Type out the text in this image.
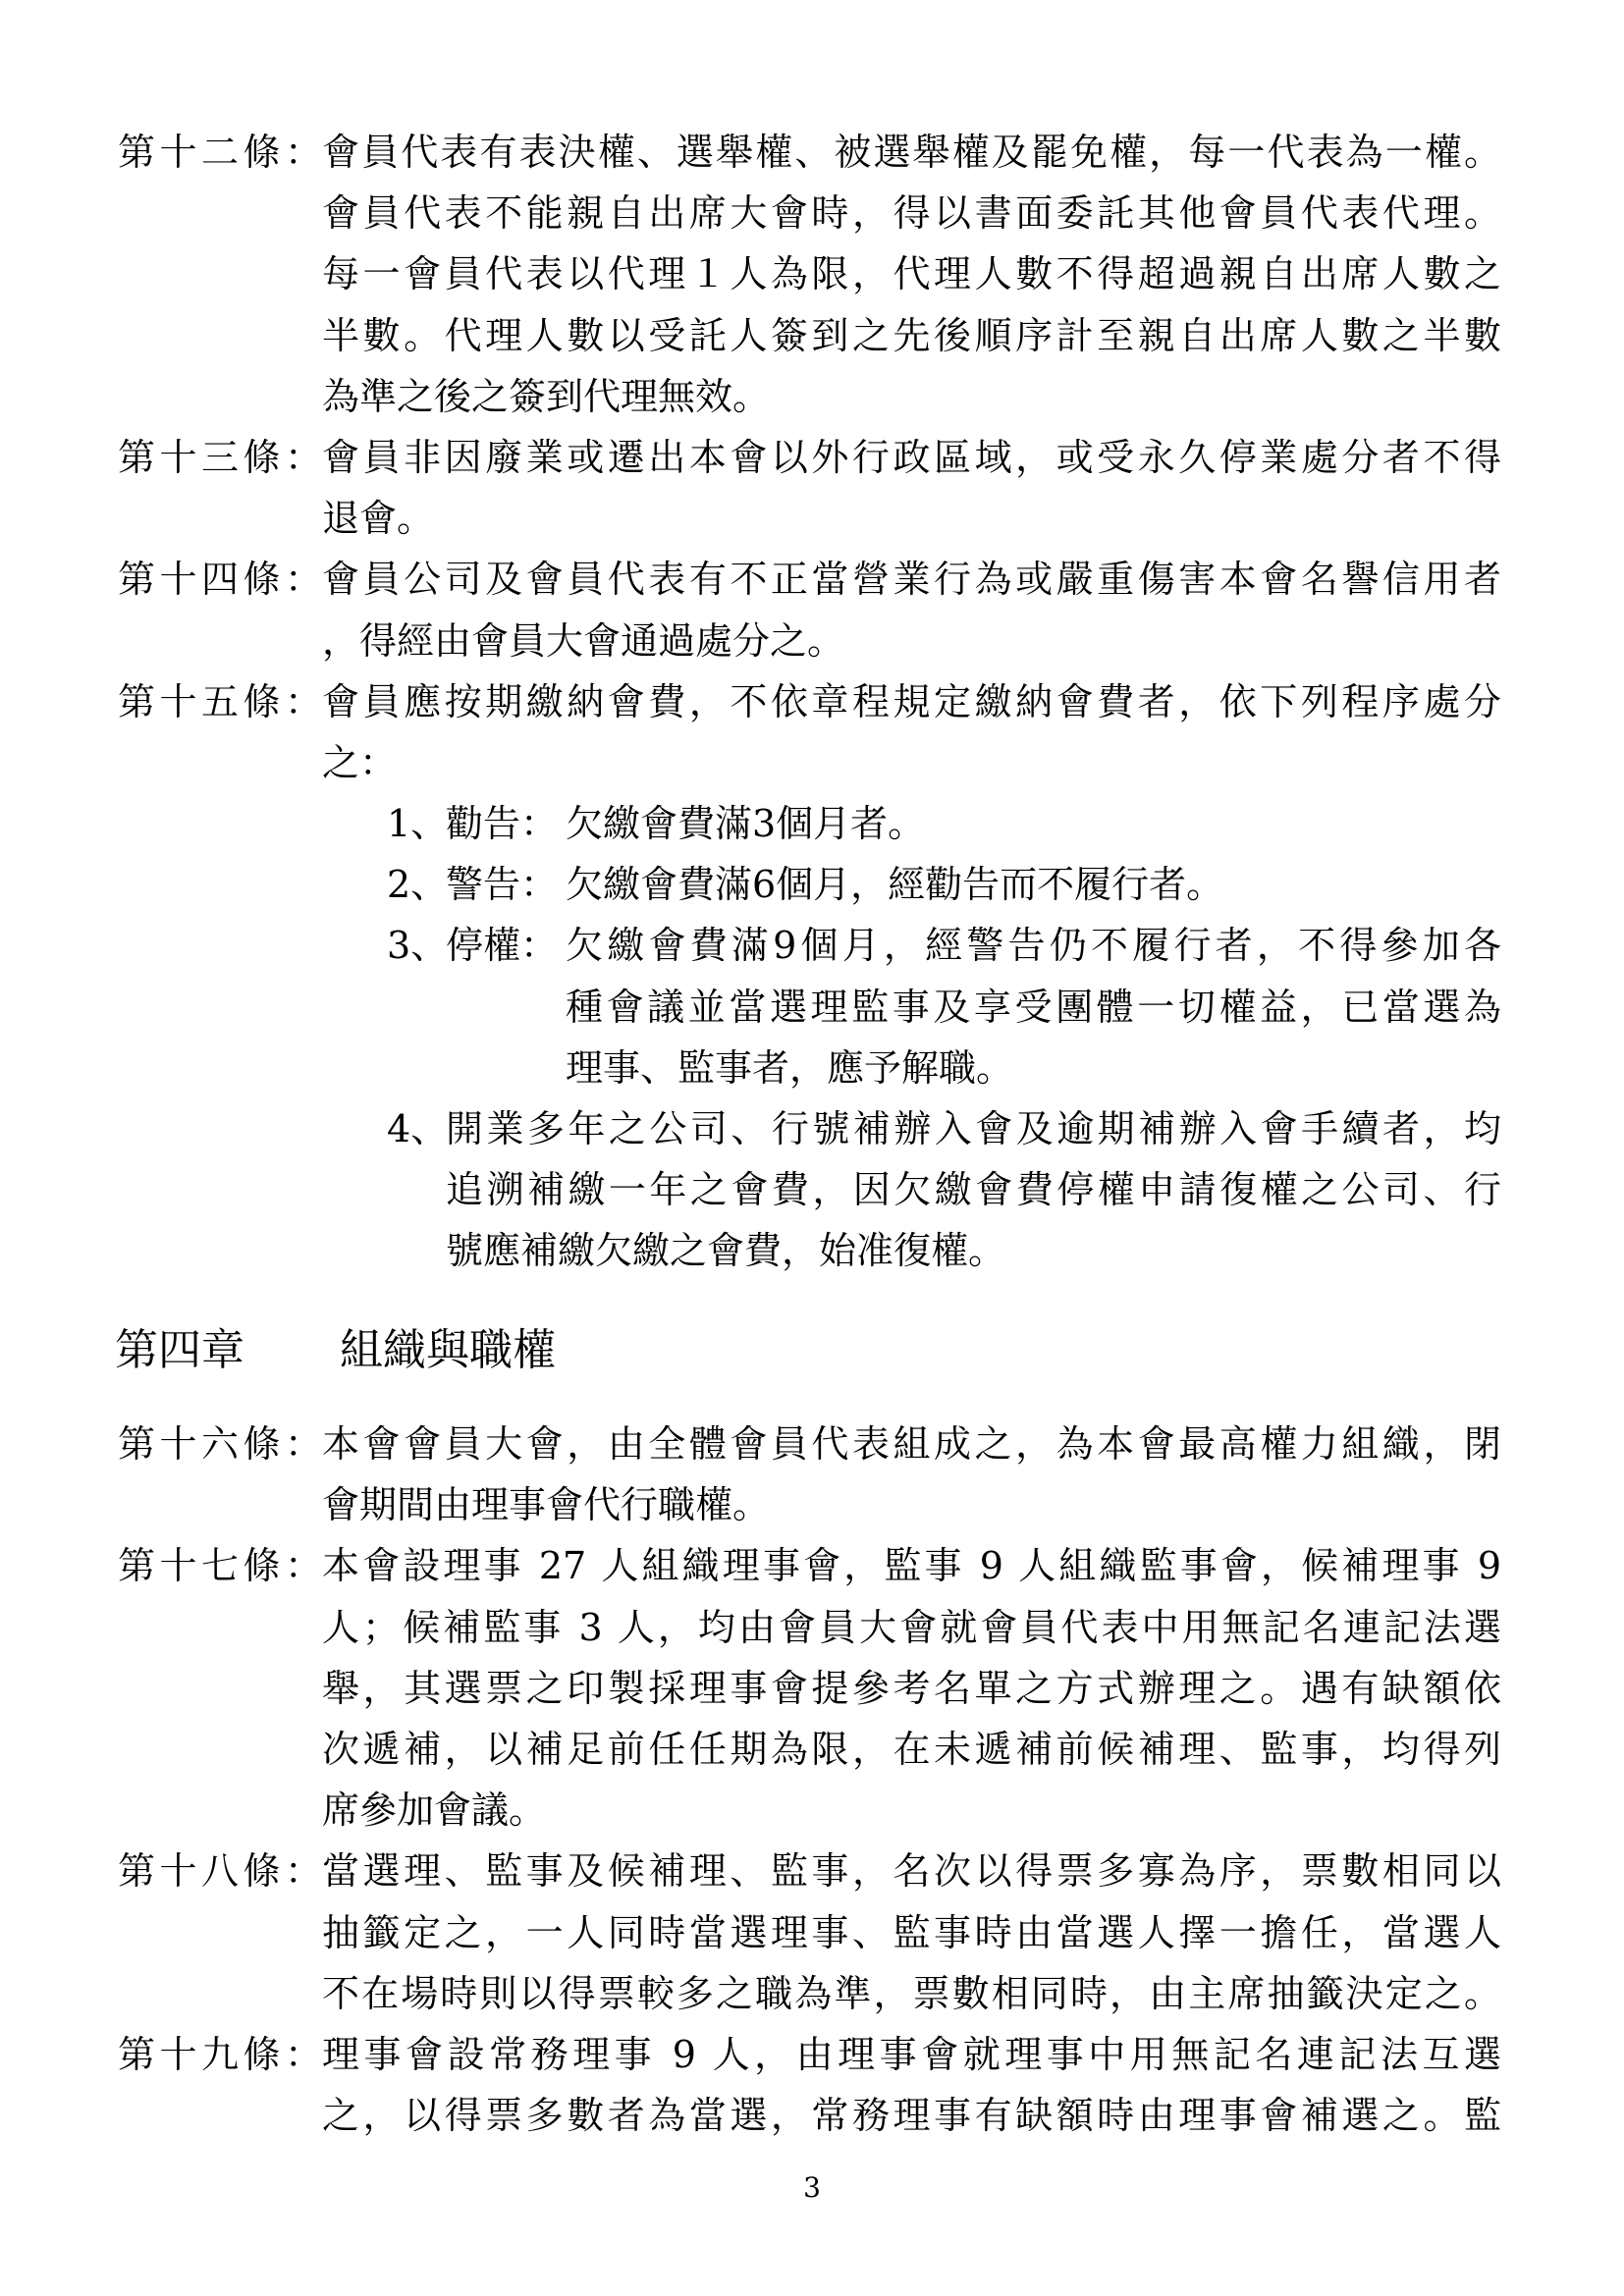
第十二條： 會員代表有表決權、選舉權、被選舉權及罷免權，每一代表為一權。
會員代表不能親自出席大會時，得以書面委託其他會員代表代理。
每一會員代表以代理１人為限，代理人數不得超過親自出席人數之
半數。代理人數以受託人簽到之先後順序計至親自出席人數之半數
為準之後之簽到代理無效。
第十三條： 會員非因廢業或遷出本會以外行政區域，或受永久停業處分者不得
退會。
第十四條： 會員公司及會員代表有不正當營業行為或嚴重傷害本會名譽信用者
，得經由會員大會通過處分之。
第十五條： 會員應按期繳納會費，不依章程規定繳納會費者，依下列程序處分
之：
1、
勸告： 欠繳會費滿3個月者。
2、
警告： 欠繳會費滿6個月，經勸告而不履行者。
3、
停權： 欠繳會費滿9個月，經警告仍不履行者，不得參加各
種會議並當選理監事及享受團體一切權益，已當選為
理事、監事者，應予解職。
4、
開業多年之公司、行號補辦入會及逾期補辦入會手續者，均
追溯補繳一年之會費，因欠繳會費停權申請復權之公司、行
號應補繳欠繳之會費，始准復權。
第四章 組織與職權
第十六條： 本會會員大會，由全體會員代表組成之，為本會最高權力組織，閉
會期間由理事會代行職權。
第十七條： 本會設理事 27 人組織理事會，監事 9 人組織監事會，候補理事 9
人；候補監事 3 人，均由會員大會就會員代表中用無記名連記法選
舉，其選票之印製採理事會提參考名單之方式辦理之。遇有缺額依
次遞補，以補足前任任期為限，在未遞補前候補理、監事，均得列
席參加會議。
第十八條： 當選理、監事及候補理、監事，名次以得票多寡為序，票數相同以
抽籤定之，一人同時當選理事、監事時由當選人擇一擔任，當選人
不在場時則以得票較多之職為準，票數相同時，由主席抽籤決定之。
第十九條： 理事會設常務理事 9 人，由理事會就理事中用無記名連記法互選
之，以得票多數者為當選，常務理事有缺額時由理事會補選之。監
3
